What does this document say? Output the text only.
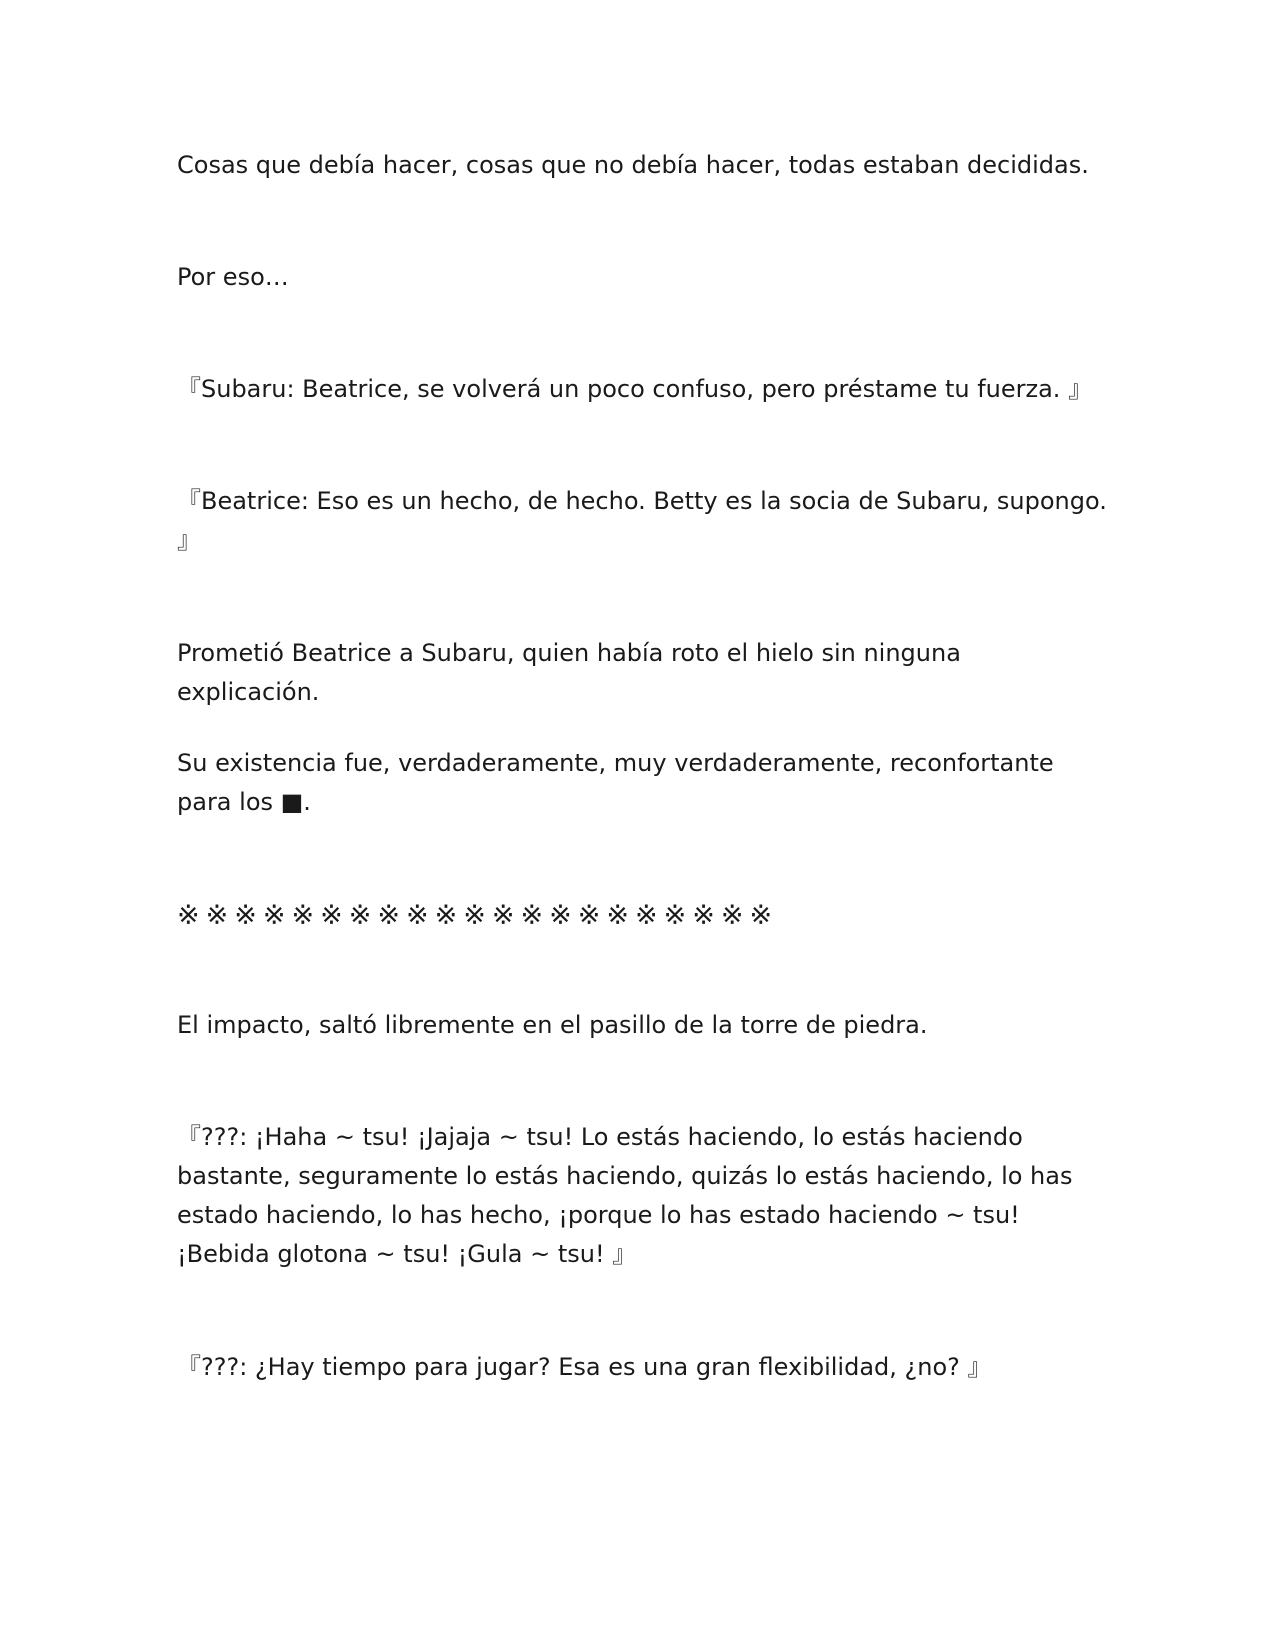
Cosas que debía hacer, cosas que no debía hacer, todas estaban decididas.

Por eso…

『Subaru: Beatrice, se volverá un poco confuso, pero préstame tu fuerza. 』

『Beatrice: Eso es un hecho, de hecho. Betty es la socia de Subaru, supongo. 』

Prometió Beatrice a Subaru, quien había roto el hielo sin ninguna explicación.

Su existencia fue, verdaderamente, muy verdaderamente, reconfortante para los ■.

※※※※※※※※※※※※※※※※※※※※※

El impacto, saltó libremente en el pasillo de la torre de piedra.

『???: ¡Haha ~ tsu! ¡Jajaja ~ tsu! Lo estás haciendo, lo estás haciendo bastante, seguramente lo estás haciendo, quizás lo estás haciendo, lo has estado haciendo, lo has hecho, ¡porque lo has estado haciendo ~ tsu! ¡Bebida glotona ~ tsu! ¡Gula ~ tsu! 』

『???: ¿Hay tiempo para jugar? Esa es una gran flexibilidad, ¿no? 』
